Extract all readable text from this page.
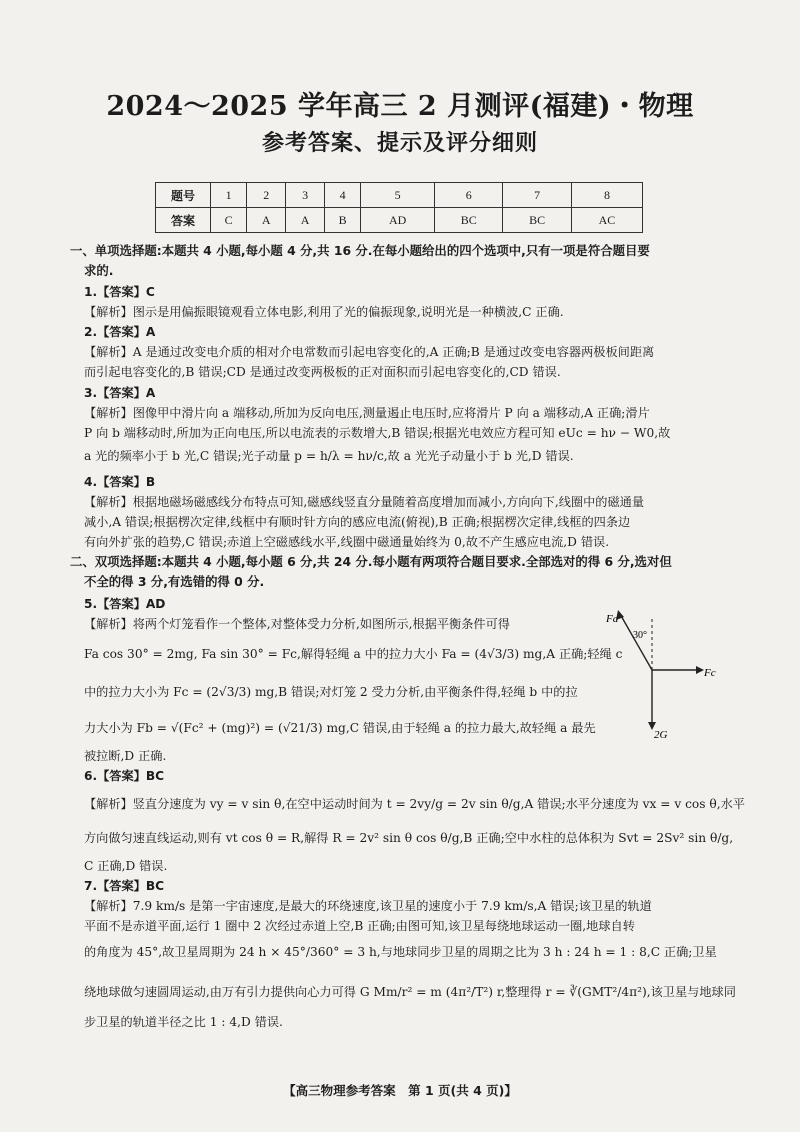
2024～2025 学年高三 2 月测评(福建)・物理
参考答案、提示及评分细则
题号	1	2	3	4	5	6	7	8
答案	C	A	A	B	AD	BC	BC	AC
一、单项选择题:本题共 4 小题,每小题 4 分,共 16 分.在每小题给出的四个选项中,只有一项是符合题目要
求的.
1.【答案】C
【解析】图示是用偏振眼镜观看立体电影,利用了光的偏振现象,说明光是一种横波,C 正确.
2.【答案】A
【解析】A 是通过改变电介质的相对介电常数而引起电容变化的,A 正确;B 是通过改变电容器两极板间距离
而引起电容变化的,B 错误;CD 是通过改变两极板的正对面积而引起电容变化的,CD 错误.
3.【答案】A
【解析】图像甲中滑片向 a 端移动,所加为反向电压,测量遏止电压时,应将滑片 P 向 a 端移动,A 正确;滑片
P 向 b 端移动时,所加为正向电压,所以电流表的示数增大,B 错误;根据光电效应方程可知 eUc = hν − W0,故
a 光的频率小于 b 光,C 错误;光子动量 p = h/λ = hν/c,故 a 光光子动量小于 b 光,D 错误.
4.【答案】B
【解析】根据地磁场磁感线分布特点可知,磁感线竖直分量随着高度增加而减小,方向向下,线圈中的磁通量
减小,A 错误;根据楞次定律,线框中有顺时针方向的感应电流(俯视),B 正确;根据楞次定律,线框的四条边
有向外扩张的趋势,C 错误;赤道上空磁感线水平,线圈中磁通量始终为 0,故不产生感应电流,D 错误.
二、双项选择题:本题共 4 小题,每小题 6 分,共 24 分.每小题有两项符合题目要求.全部选对的得 6 分,选对但
不全的得 3 分,有选错的得 0 分.
5.【答案】AD
【解析】将两个灯笼看作一个整体,对整体受力分析,如图所示,根据平衡条件可得
Fa cos 30° = 2mg, Fa sin 30° = Fc,解得轻绳 a 中的拉力大小 Fa = (4√3/3) mg,A 正确;轻绳 c
中的拉力大小为 Fc = (2√3/3) mg,B 错误;对灯笼 2 受力分析,由平衡条件得,轻绳 b 中的拉
力大小为 Fb = √(Fc² + (mg)²) = (√21/3) mg,C 错误,由于轻绳 a 的拉力最大,故轻绳 a 最先
被拉断,D 正确.
6.【答案】BC
【解析】竖直分速度为 vy = v sin θ,在空中运动时间为 t = 2vy/g = 2v sin θ/g,A 错误;水平分速度为 vx = v cos θ,水平
方向做匀速直线运动,则有 vt cos θ = R,解得 R = 2v² sin θ cos θ/g,B 正确;空中水柱的总体积为 Svt = 2Sv² sin θ/g,
C 正确,D 错误.
7.【答案】BC
【解析】7.9 km/s 是第一宇宙速度,是最大的环绕速度,该卫星的速度小于 7.9 km/s,A 错误;该卫星的轨道
平面不是赤道平面,运行 1 圈中 2 次经过赤道上空,B 正确;由图可知,该卫星每绕地球运动一圈,地球自转
的角度为 45°,故卫星周期为 24 h × 45°/360° = 3 h,与地球同步卫星的周期之比为 3 h : 24 h = 1 : 8,C 正确;卫星
绕地球做匀速圆周运动,由万有引力提供向心力可得 G Mm/r² = m (4π²/T²) r,整理得 r = ∛(GMT²/4π²),该卫星与地球同
步卫星的轨道半径之比 1 : 4,D 错误.
Fa
30°
Fc
2G
【高三物理参考答案　第 1 页(共 4 页)】
